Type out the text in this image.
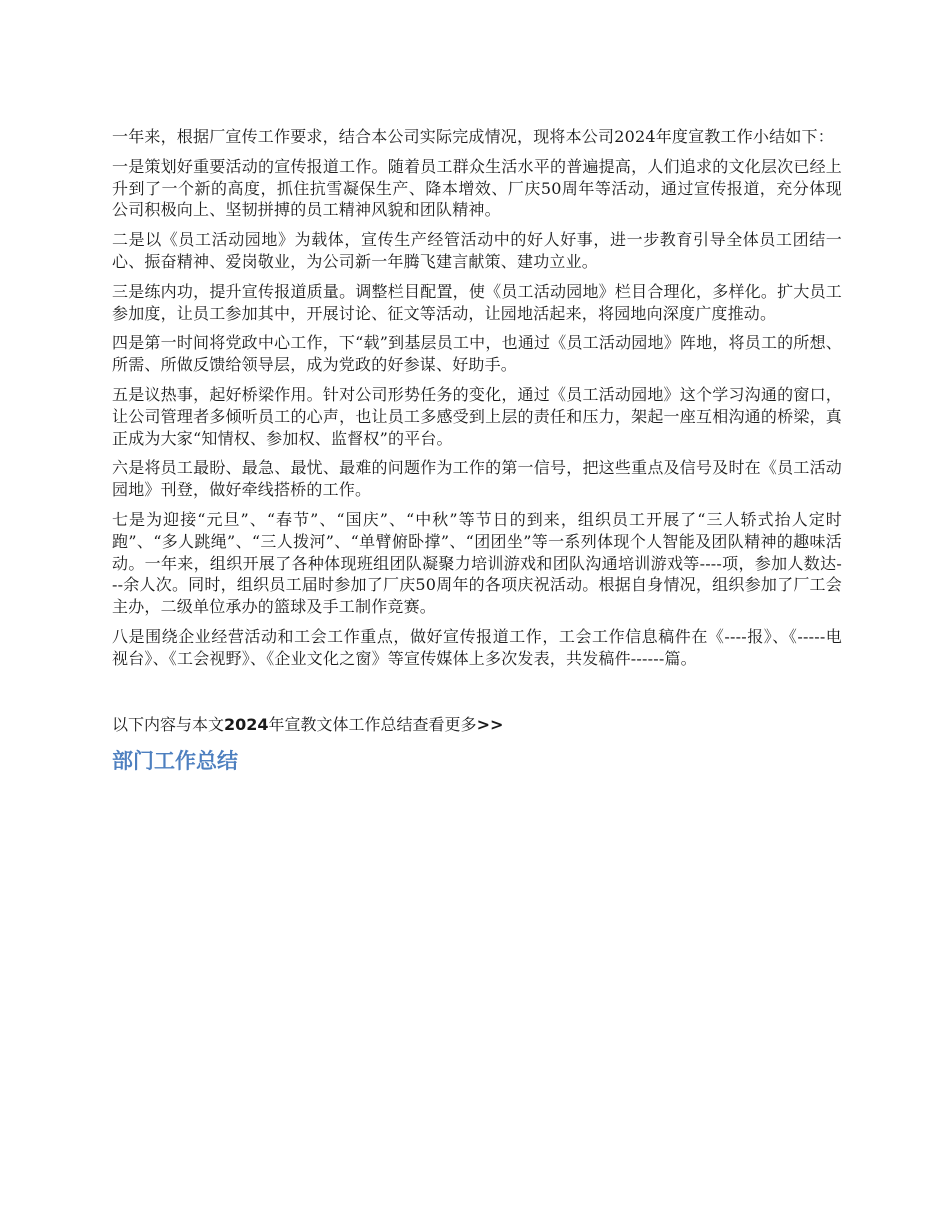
一年来，根据厂宣传工作要求，结合本公司实际完成情况，现将本公司2024年度宣教工作小结如下：

一是策划好重要活动的宣传报道工作。随着员工群众生活水平的普遍提高，人们追求的文化层次已经上升到了一个新的高度，抓住抗雪凝保生产、降本增效、厂庆50周年等活动，通过宣传报道，充分体现公司积极向上、坚韧拼搏的员工精神风貌和团队精神。

二是以《员工活动园地》为载体，宣传生产经管活动中的好人好事，进一步教育引导全体员工团结一心、振奋精神、爱岗敬业，为公司新一年腾飞建言献策、建功立业。

三是练内功，提升宣传报道质量。调整栏目配置，使《员工活动园地》栏目合理化，多样化。扩大员工参加度，让员工参加其中，开展讨论、征文等活动，让园地活起来，将园地向深度广度推动。

四是第一时间将党政中心工作，下“载”到基层员工中，也通过《员工活动园地》阵地，将员工的所想、所需、所做反馈给领导层，成为党政的好参谋、好助手。

五是议热事，起好桥梁作用。针对公司形势任务的变化，通过《员工活动园地》这个学习沟通的窗口，让公司管理者多倾听员工的心声，也让员工多感受到上层的责任和压力，架起一座互相沟通的桥梁，真正成为大家“知情权、参加权、监督权”的平台。

六是将员工最盼、最急、最忧、最难的问题作为工作的第一信号，把这些重点及信号及时在《员工活动园地》刊登，做好牵线搭桥的工作。

七是为迎接“元旦”、“春节”、“国庆”、“中秋”等节日的到来，组织员工开展了“三人轿式抬人定时跑”、“多人跳绳”、“三人拨河”、“单臂俯卧撑”、“团团坐”等一系列体现个人智能及团队精神的趣味活动。一年来，组织开展了各种体现班组团队凝聚力培训游戏和团队沟通培训游戏等----项，参加人数达---余人次。同时，组织员工届时参加了厂庆50周年的各项庆祝活动。根据自身情况，组织参加了厂工会主办，二级单位承办的篮球及手工制作竞赛。

八是围绕企业经营活动和工会工作重点，做好宣传报道工作，工会工作信息稿件在《----报》、《-----电视台》、《工会视野》、《企业文化之窗》等宣传媒体上多次发表，共发稿件------篇。

以下内容与本文2024年宣教文体工作总结查看更多>>
部门工作总结
